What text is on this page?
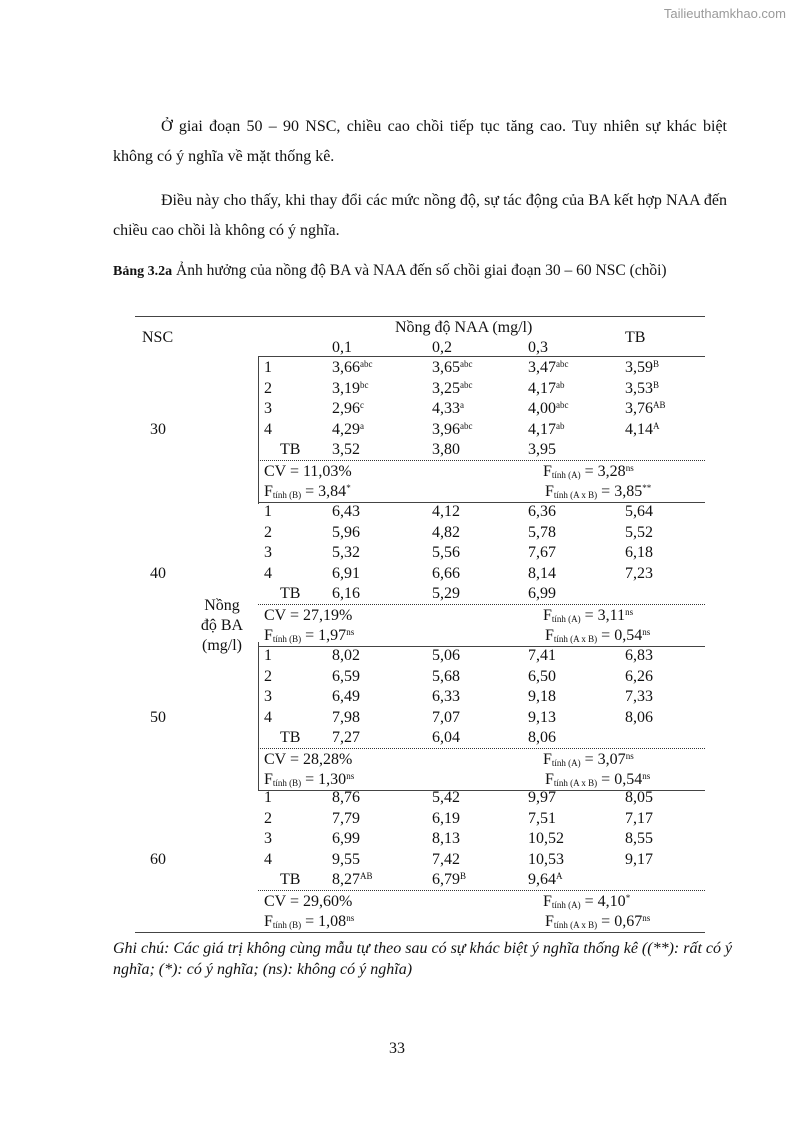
Tailieuthamkhao.com

Ở giai đoạn 50 – 90 NSC, chiều cao chồi tiếp tục tăng cao. Tuy nhiên sự khác biệt không có ý nghĩa về mặt thống kê.

Điều này cho thấy, khi thay đổi các mức nồng độ, sự tác động của BA kết hợp NAA đến chiều cao chồi là không có ý nghĩa.

Bảng 3.2a Ảnh hưởng của nồng độ BA và NAA đến số chồi giai đoạn 30 – 60 NSC (chồi)
NSC
Nồng độ NAA (mg/l)
TB
0,1	0,2	0,3
Nồng
độ BA
(mg/l)
30
1	3,66$^{abc}$	3,65$^{abc}$	3,47$^{abc}$	$3,59^B$
2	3,19$^{bc}$	3,25$^{abc}$	4,17$^{ab}$	$3,53^B$
3	2,96$^c$	4,33$^a$	4,00$^{abc}$	$3,76^{AB}$
4	4,29$^a$	3,96$^{abc}$	4,17$^{ab}$	$4,14^A$
TB 3,52	3,80	3,95
CV = 11,03%	$F_{tính (A)} = 3,28^{ns}$
$F_{tính (B)} = 3,84^*$	$F_{tính (A x B)} = 3,85^{**}$
40
1	6,43	4,12	6,36	5,64
2	5,96	4,82	5,78	5,52
3	5,32	5,56	7,67	6,18
4	6,91	6,66	8,14	7,23
TB 6,16	5,29	6,99
CV = 27,19%	$F_{tính (A)} = 3,11^{ns}$
$F_{tính (B)} = 1,97^{ns}$	$F_{tính (A x B)} = 0,54^{ns}$
50
1	8,02	5,06	7,41	6,83
2	6,59	5,68	6,50	6,26
3	6,49	6,33	9,18	7,33
4	7,98	7,07	9,13	8,06
TB 7,27	6,04	8,06
CV = 28,28%	$F_{tính (A)} = 3,07^{ns}$
$F_{tính (B)} = 1,30^{ns}$	$F_{tính (A x B)} = 0,54^{ns}$
60
1	8,76	5,42	9,97	8,05
2	7,79	6,19	7,51	7,17
3	6,99	8,13	10,52	8,55
4	9,55	7,42	10,53	9,17
TB $8,27^{AB}$	$6,79^B$	$9,64^A$
CV = 29,60%	$F_{tính (A)} = 4,10^*$
$F_{tính (B)} = 1,08^{ns}$	$F_{tính (A x B)} = 0,67^{ns}$
Ghi chú: Các giá trị không cùng mẫu tự theo sau có sự khác biệt ý nghĩa thống kê ((**): rất có ý nghĩa; (*): có ý nghĩa; (ns): không có ý nghĩa)
33
